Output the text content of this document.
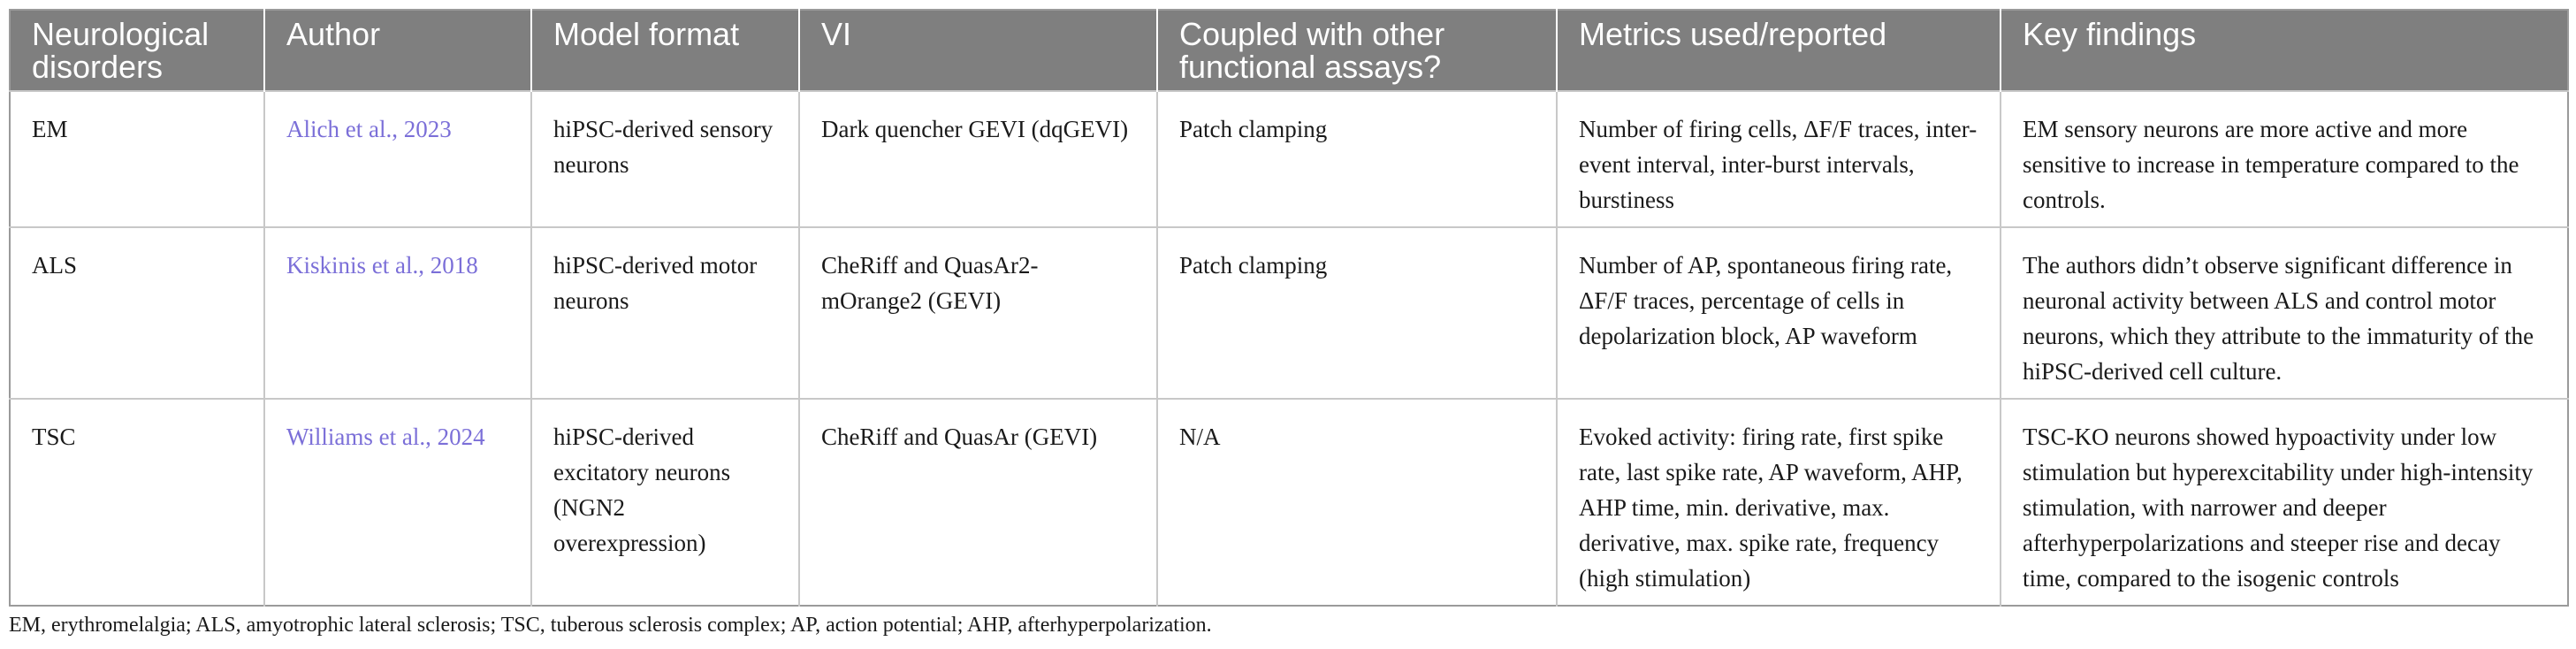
Neurological disorders	Author	Model format	VI	Coupled with other functional assays?	Metrics used/reported	Key findings
EM	Alich et al., 2023	hiPSC-derived sensory neurons	Dark quencher GEVI (dqGEVI)	Patch clamping	Number of firing cells, ΔF/F traces, inter-event interval, inter-burst intervals, burstiness	EM sensory neurons are more active and more sensitive to increase in temperature compared to the controls.
ALS	Kiskinis et al., 2018	hiPSC-derived motor neurons	CheRiff and QuasAr2-mOrange2 (GEVI)	Patch clamping	Number of AP, spontaneous firing rate, ΔF/F traces, percentage of cells in depolarization block, AP waveform	The authors didn’t observe significant difference in neuronal activity between ALS and control motor neurons, which they attribute to the immaturity of the hiPSC-derived cell culture.
TSC	Williams et al., 2024	hiPSC-derived excitatory neurons (NGN2 overexpression)	CheRiff and QuasAr (GEVI)	N/A	Evoked activity: firing rate, first spike rate, last spike rate, AP waveform, AHP, AHP time, min. derivative, max. derivative, max. spike rate, frequency (high stimulation)	TSC-KO neurons showed hypoactivity under low stimulation but hyperexcitability under high-intensity stimulation, with narrower and deeper afterhyperpolarizations and steeper rise and decay time, compared to the isogenic controls
EM, erythromelalgia; ALS, amyotrophic lateral sclerosis; TSC, tuberous sclerosis complex; AP, action potential; AHP, afterhyperpolarization.
